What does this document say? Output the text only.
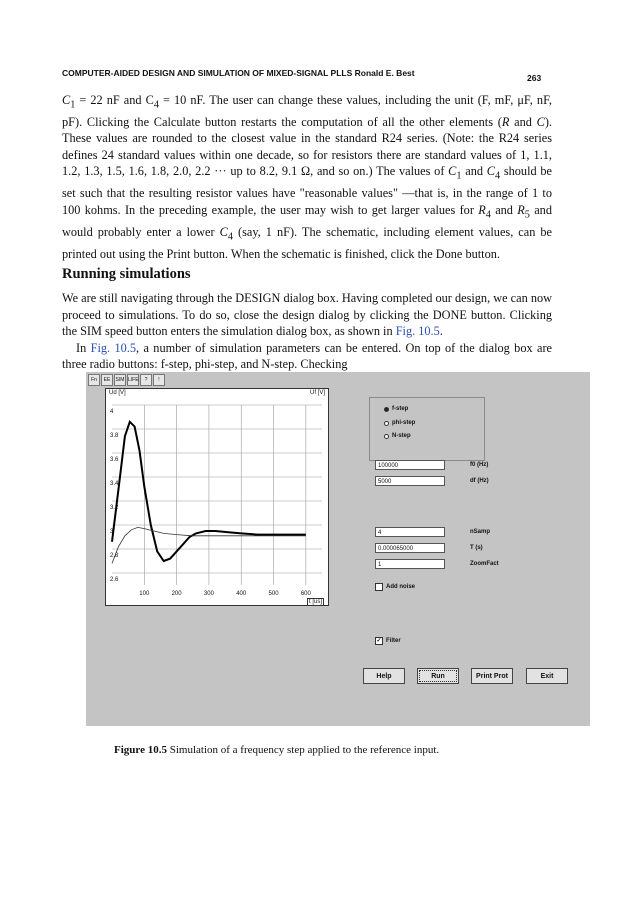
COMPUTER-AIDED DESIGN AND SIMULATION OF MIXED-SIGNAL PLLS Ronald E. Best	263

$C_1 = 22$ nF and $C_4 = 10$ nF. The user can change these values, including the unit (F, mF, μF, nF, pF). Clicking the Calculate button restarts the computation of all the other elements (R and C). These values are rounded to the closest value in the standard R24 series. (Note: the R24 series defines 24 standard values within one decade, so for resistors there are standard values of 1, 1.1, 1.2, 1.3, 1.5, 1.6, 1.8, 2.0, 2.2 ··· up to 8.2, 9.1 Ω, and so on.) The values of $C_1$ and $C_4$ should be set such that the resulting resistor values have "reasonable values" —that is, in the range of 1 to 100 kohms. In the preceding example, the user may wish to get larger values for $R_4$ and $R_5$ and would probably enter a lower $C_4$ (say, 1 nF). The schematic, including element values, can be printed out using the Print button. When the schematic is finished, click the Done button.

Running simulations

We are still navigating through the DESIGN dialog box. Having completed our design, we can now proceed to simulations. To do so, close the design dialog by clicking the DONE button. Clicking the SIM speed button enters the simulation dialog box, as shown in Fig. 10.5.

In Fig. 10.5, a number of simulation parameters can be entered. On top of the dialog box are three radio buttons: f-step, phi-step, and N-step. Checking

Fn	EE	SIM LIFE	?	!
100	200	300	400	500	600
4
3.8
3.6
3.4
3.2
3
2.8
2.6
Ud [V]	Uf [V]
t [us]
f-step
phi-step
N-step
100000	f0 (Hz)
5000	df (Hz)
4	nSamp
0.000065000	T (s)
1	ZoomFact
Add noise
✓ Filter
Help	Run	Print Prot	Exit
Figure 10.5 Simulation of a frequency step applied to the reference input.
